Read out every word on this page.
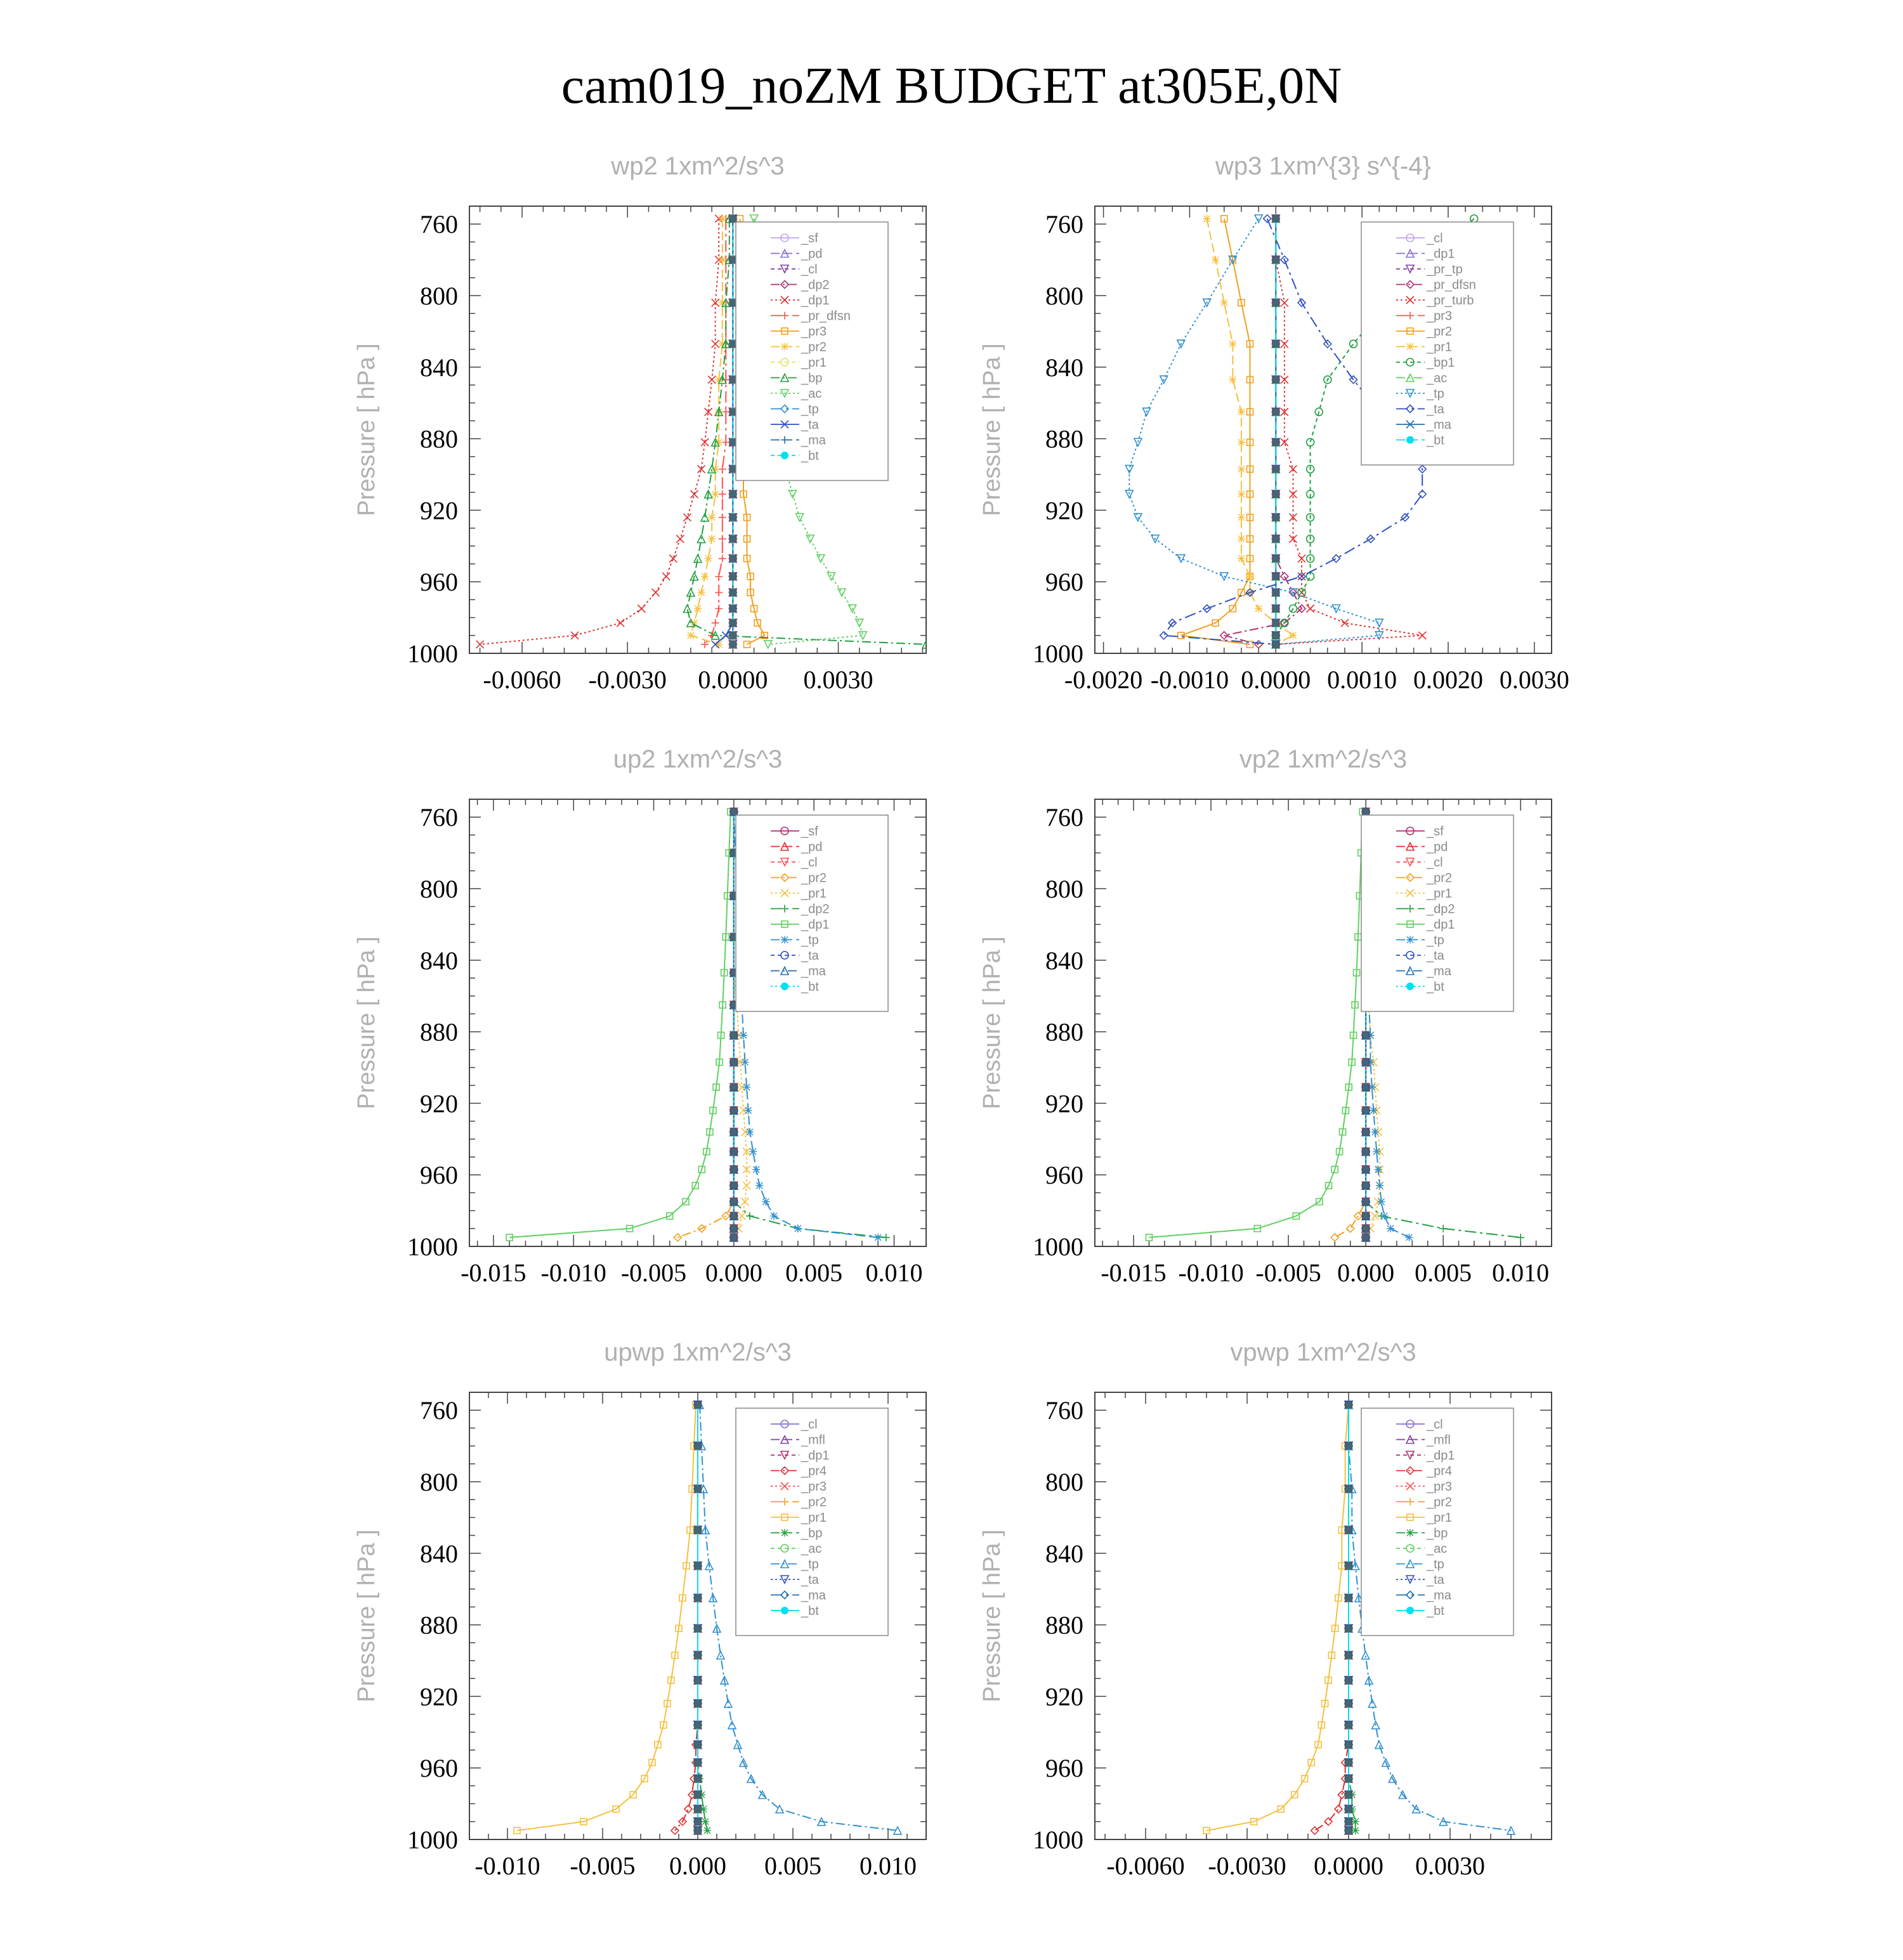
cam019_noZM BUDGET at305E,0N
wp2 1xm^2/s^3
Pressure [ hPa ]
760
800
840
880
920
960
1000
-0.0060 -0.0030 0.0000 0.0030
_sf
_pd
_cl
_dp2
_dp1
_pr_dfsn
_pr3
_pr2
_pr1
_bp
_ac
_tp
_ta
_ma
_bt
wp3 1xm^{3} s^{-4}
Pressure [ hPa ]
760
800
840
880
920
960
1000
-0.0020 -0.0010 0.0000 0.0010 0.0020 0.0030
_cl
_dp1
_pr_tp
_pr_dfsn
_pr_turb
_pr3
_pr2
_pr1
_bp1
_ac
_tp
_ta
_ma
_bt
up2 1xm^2/s^3
Pressure [ hPa ]
760
800
840
880
920
960
1000
-0.015 -0.010 -0.005 0.000 0.005 0.010
_sf
_pd
_cl
_pr2
_pr1
_dp2
_dp1
_tp
_ta
_ma
_bt
vp2 1xm^2/s^3
Pressure [ hPa ]
760
800
840
880
920
960
1000
-0.015 -0.010 -0.005 0.000 0.005 0.010
_sf
_pd
_cl
_pr2
_pr1
_dp2
_dp1
_tp
_ta
_ma
_bt
upwp 1xm^2/s^3
Pressure [ hPa ]
760
800
840
880
920
960
1000
-0.010 -0.005 0.000 0.005 0.010
_cl
_mfl
_dp1
_pr4
_pr3
_pr2
_pr1
_bp
_ac
_tp
_ta
_ma
_bt
vpwp 1xm^2/s^3
Pressure [ hPa ]
760
800
840
880
920
960
1000
-0.0060 -0.0030 0.0000 0.0030
_cl
_mfl
_dp1
_pr4
_pr3
_pr2
_pr1
_bp
_ac
_tp
_ta
_ma
_bt
